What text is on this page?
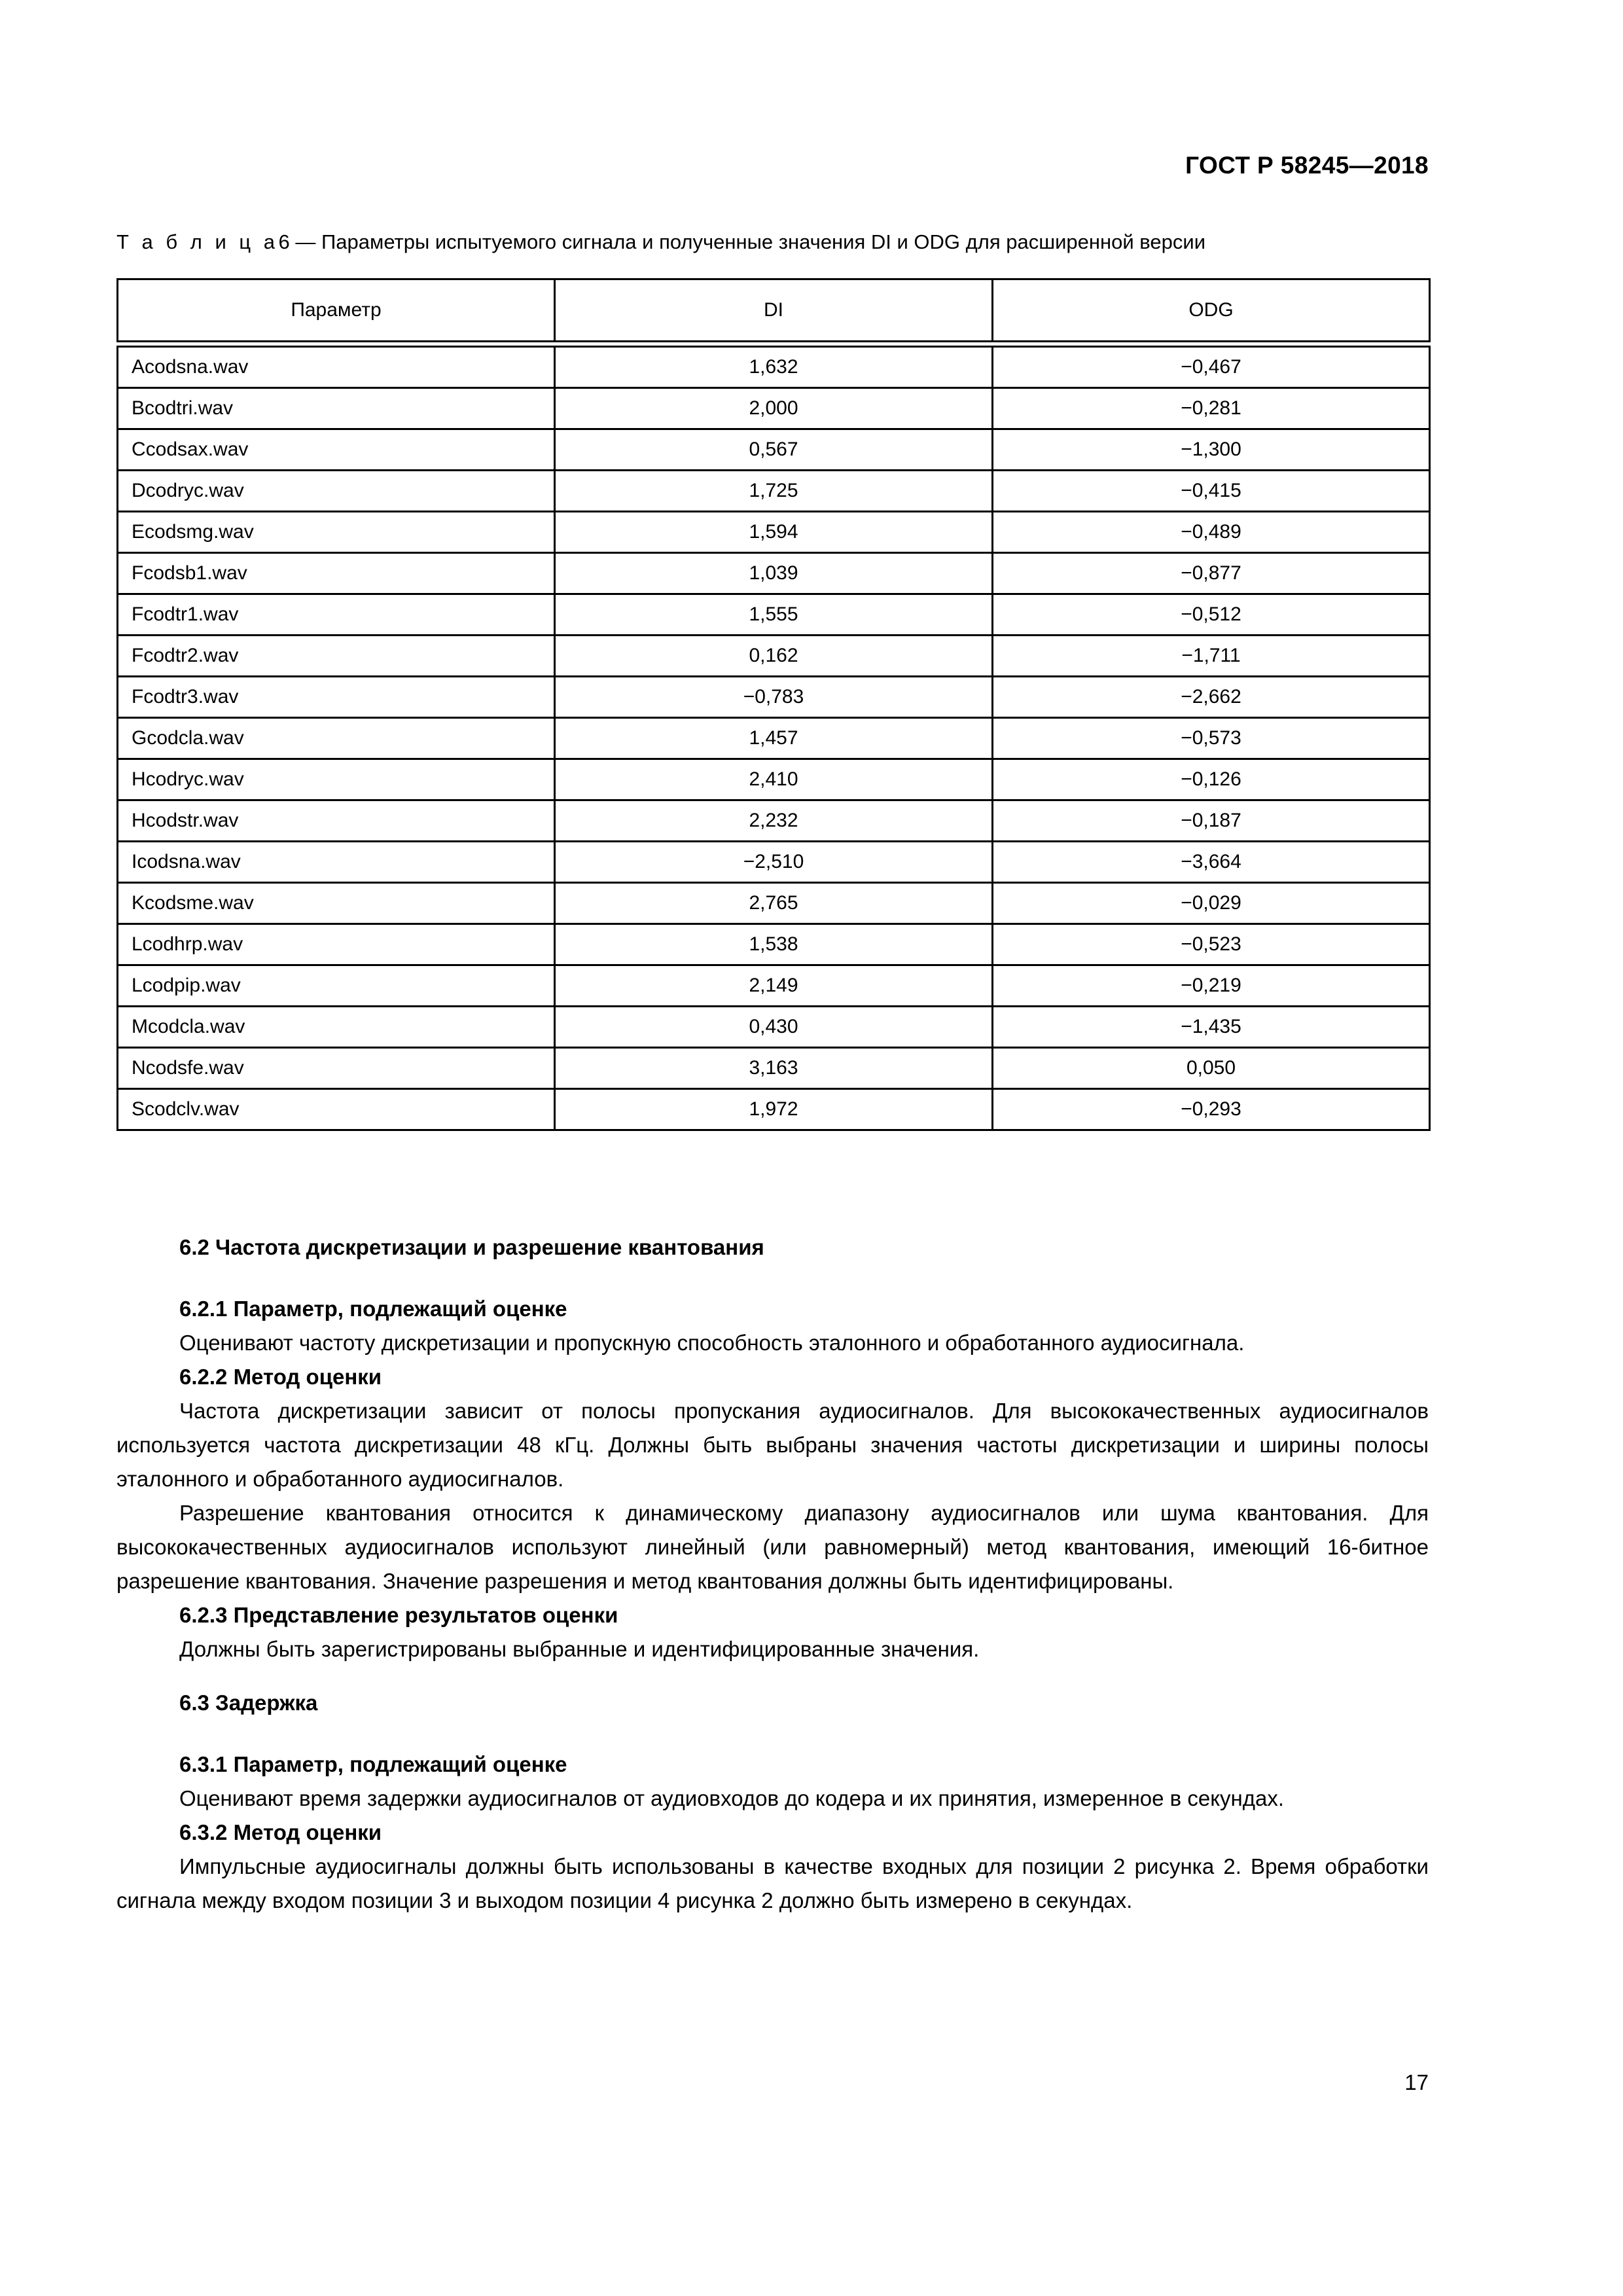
ГОСТ Р 58245—2018
Т а б л и ц а6 — Параметры испытуемого сигнала и полученные значения DI и ODG для расширенной версии
Параметр	DI	ODG

Acodsna.wav	1,632	−0,467
Bcodtri.wav	2,000	−0,281
Ccodsax.wav	0,567	−1,300
Dcodryc.wav	1,725	−0,415
Ecodsmg.wav	1,594	−0,489
Fcodsb1.wav	1,039	−0,877
Fcodtr1.wav	1,555	−0,512
Fcodtr2.wav	0,162	−1,711
Fcodtr3.wav	−0,783	−2,662
Gcodcla.wav	1,457	−0,573
Hcodryc.wav	2,410	−0,126
Hcodstr.wav	2,232	−0,187
Icodsna.wav	−2,510	−3,664
Kcodsme.wav	2,765	−0,029
Lcodhrp.wav	1,538	−0,523
Lcodpip.wav	2,149	−0,219
Mcodcla.wav	0,430	−1,435
Ncodsfe.wav	3,163	0,050
Scodclv.wav	1,972	−0,293
6.2 Частота дискретизации и разрешение квантования
6.2.1 Параметр, подлежащий оценке

Оценивают частоту дискретизации и пропускную способность эталонного и обработанного аудиосигнала.

6.2.2 Метод оценки

Частота дискретизации зависит от полосы пропускания аудиосигналов. Для высококачественных аудиосигналов используется частота дискретизации 48 кГц. Должны быть выбраны значения частоты дискретизации и ширины полосы эталонного и обработанного аудиосигналов.

Разрешение квантования относится к динамическому диапазону аудиосигналов или шума квантования. Для высококачественных аудиосигналов используют линейный (или равномерный) метод квантования, имеющий 16-битное разрешение квантования. Значение разрешения и метод квантования должны быть идентифицированы.

6.2.3 Представление результатов оценки

Должны быть зарегистрированы выбранные и идентифицированные значения.

6.3 Задержка
6.3.1 Параметр, подлежащий оценке

Оценивают время задержки аудиосигналов от аудиовходов до кодера и их принятия, измеренное в секундах.

6.3.2 Метод оценки

Импульсные аудиосигналы должны быть использованы в качестве входных для позиции 2 рисунка 2. Время обработки сигнала между входом позиции 3 и выходом позиции 4 рисунка 2 должно быть измерено в секундах.

17
